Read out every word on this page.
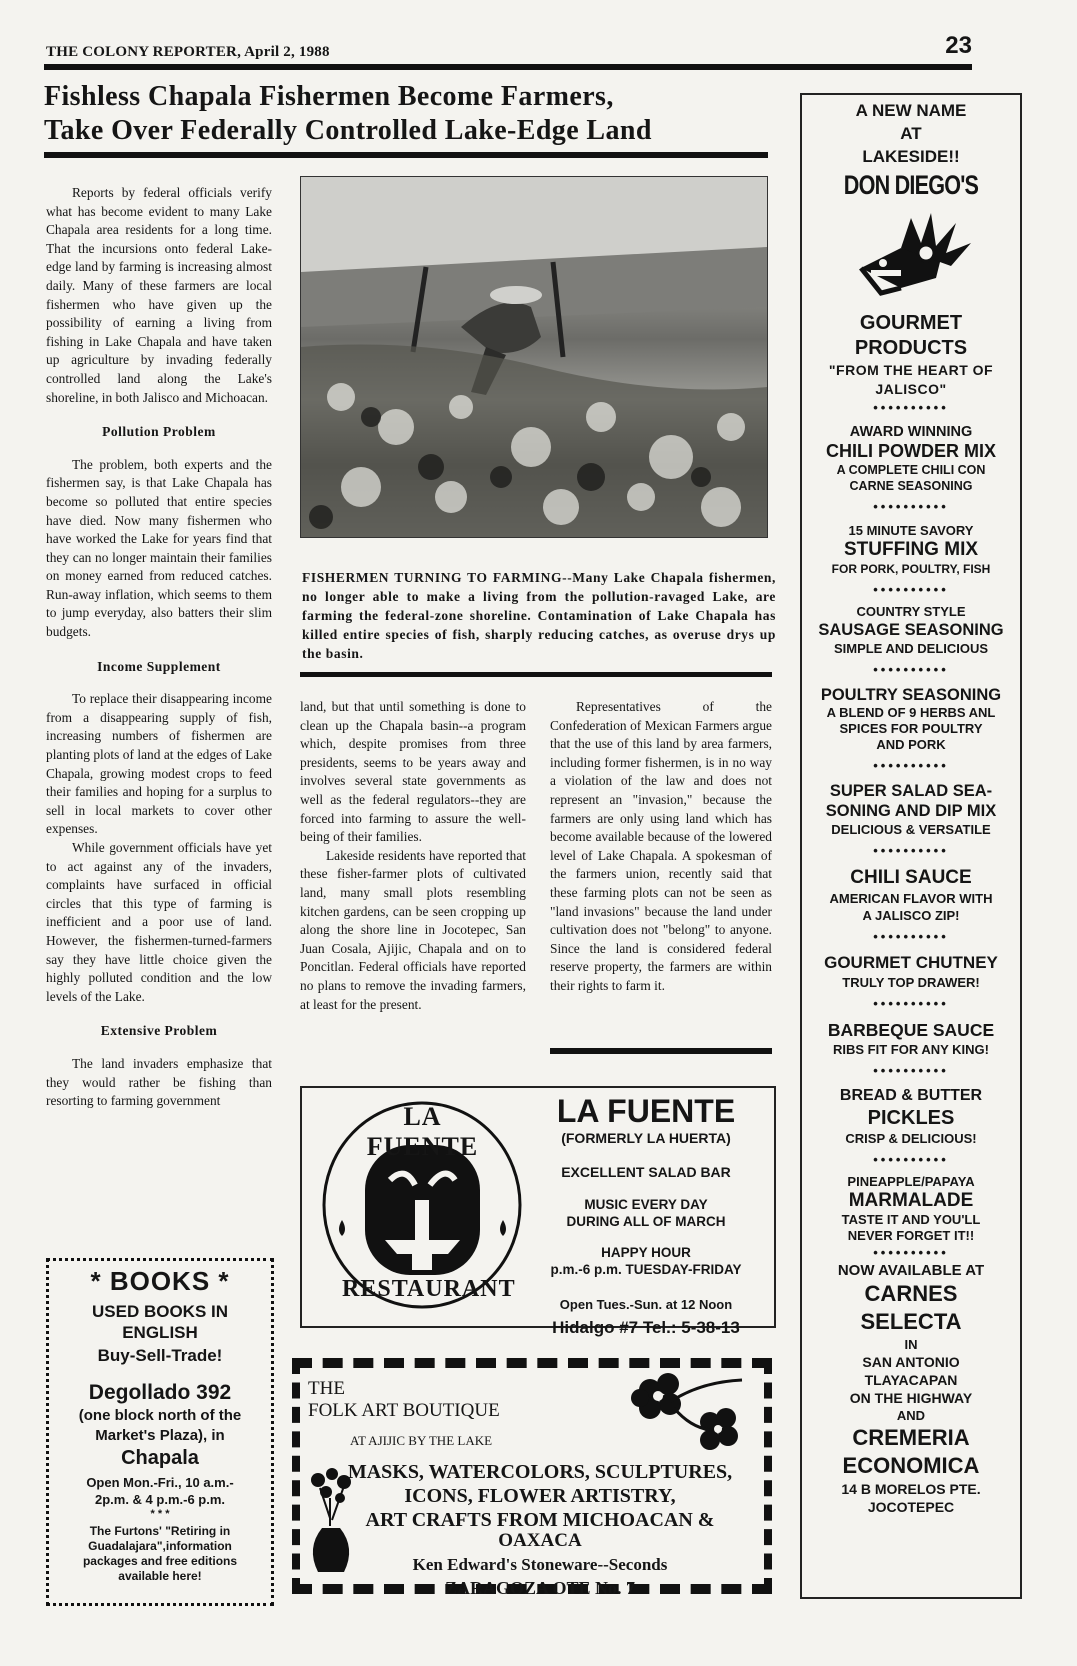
THE COLONY REPORTER, April 2, 1988	23
Fishless Chapala Fishermen Become Farmers,
Take Over Federally Controlled Lake-Edge Land

Reports by federal officials verify what has become evident to many Lake Chapala area residents for a long time. That the incursions onto federal Lake-edge land by farming is increasing almost daily. Many of these farmers are local fishermen who have given up the possibility of earning a living from fishing in Lake Chapala and have taken up agriculture by invading federally controlled land along the Lake's shoreline, in both Jalisco and Michoacan.

Pollution Problem

The problem, both experts and the fishermen say, is that Lake Chapala has become so polluted that entire species have died. Now many fishermen who have worked the Lake for years find that they can no longer maintain their families on money earned from reduced catches. Run-away inflation, which seems to them to jump everyday, also batters their slim budgets.

Income Supplement

To replace their disappearing income from a disappearing supply of fish, increasing numbers of fishermen are planting plots of land at the edges of Lake Chapala, growing modest crops to feed their families and hoping for a surplus to sell in local markets to cover other expenses.

While government officials have yet to act against any of the invaders, complaints have surfaced in official circles that this type of farming is inefficient and a poor use of land. However, the fishermen-turned-farmers say they have little choice given the highly polluted condition and the low levels of the Lake.

Extensive Problem

The land invaders emphasize that they would rather be fishing than resorting to farming government

FISHERMEN TURNING TO FARMING--Many Lake Chapala fishermen, no longer able to make a living from the pollution-ravaged Lake, are farming the federal-zone shoreline. Contamination of Lake Chapala has killed entire species of fish, sharply reducing catches, as overuse drys up the basin.

land, but that until something is done to clean up the Chapala basin--a program which, despite promises from three presidents, seems to be years away and involves several state governments as well as the federal regulators--they are forced into farming to assure the well-being of their families.

Lakeside residents have reported that these fisher-farmer plots of cultivated land, many small plots resembling kitchen gardens, can be seen cropping up along the shore line in Jocotepec, San Juan Cosala, Ajijic, Chapala and on to Poncitlan. Federal officials have reported no plans to remove the invading farmers, at least for the present.

Representatives of the Confederation of Mexican Farmers argue that the use of this land by area farmers, including former fishermen, is in no way a violation of the law and does not represent an "invasion," because the farmers are only using land which has become available because of the lowered level of Lake Chapala. A spokesman of the farmers union, recently said that these farming plots can not be seen as "land invasions" because the land under cultivation does not "belong" to anyone. Since the land is considered federal reserve property, the farmers are within their rights to farm it.

A NEW NAME
AT
LAKESIDE!!
DON DIEGO'S
GOURMET
PRODUCTS
"FROM THE HEART OF
JALISCO"
••••••••••
AWARD WINNING
CHILI POWDER MIX
A COMPLETE CHILI CON
CARNE SEASONING
••••••••••
15 MINUTE SAVORY
STUFFING MIX
FOR PORK, POULTRY, FISH
••••••••••
COUNTRY STYLE
SAUSAGE SEASONING
SIMPLE AND DELICIOUS
••••••••••
POULTRY SEASONING
A BLEND OF 9 HERBS ANL
SPICES FOR POULTRY
AND PORK
••••••••••
SUPER SALAD SEA-
SONING AND DIP MIX
DELICIOUS & VERSATILE
••••••••••
CHILI SAUCE
AMERICAN FLAVOR WITH
A JALISCO ZIP!
••••••••••
GOURMET CHUTNEY
TRULY TOP DRAWER!
••••••••••
BARBEQUE SAUCE
RIBS FIT FOR ANY KING!
••••••••••
BREAD & BUTTER
PICKLES
CRISP & DELICIOUS!
••••••••••
PINEAPPLE/PAPAYA
MARMALADE
TASTE IT AND YOU'LL
NEVER FORGET IT!!
••••••••••
NOW AVAILABLE AT
CARNES
SELECTA
IN
SAN ANTONIO
TLAYACAPAN
ON THE HIGHWAY
AND
CREMERIA
ECONOMICA
14 B MORELOS PTE.
JOCOTEPEC
LA FUENTE
RESTAURANT
LA FUENTE
(FORMERLY LA HUERTA)
EXCELLENT SALAD BAR
MUSIC EVERY DAY
DURING ALL OF MARCH
HAPPY HOUR
p.m.-6 p.m. TUESDAY-FRIDAY
Open Tues.-Sun. at 12 Noon
Hidalgo #7 Tel.: 5-38-13
* BOOKS *
USED BOOKS IN
ENGLISH
Buy-Sell-Trade!
Degollado 392
(one block north of the
Market's Plaza), in
Chapala
Open Mon.-Fri., 10 a.m.-
2p.m. & 4 p.m.-6 p.m.
* * *
The Furtons' "Retiring in
Guadalajara",information
packages and free editions
available here!
THE
FOLK ART BOUTIQUE
AT AJIJIC BY THE LAKE
MASKS, WATERCOLORS, SCULPTURES,
ICONS, FLOWER ARTISTRY,
ART CRAFTS FROM MICHOACAN &
OAXACA
Ken Edward's Stoneware--Seconds
ZARAGOZA OTE No. 7
